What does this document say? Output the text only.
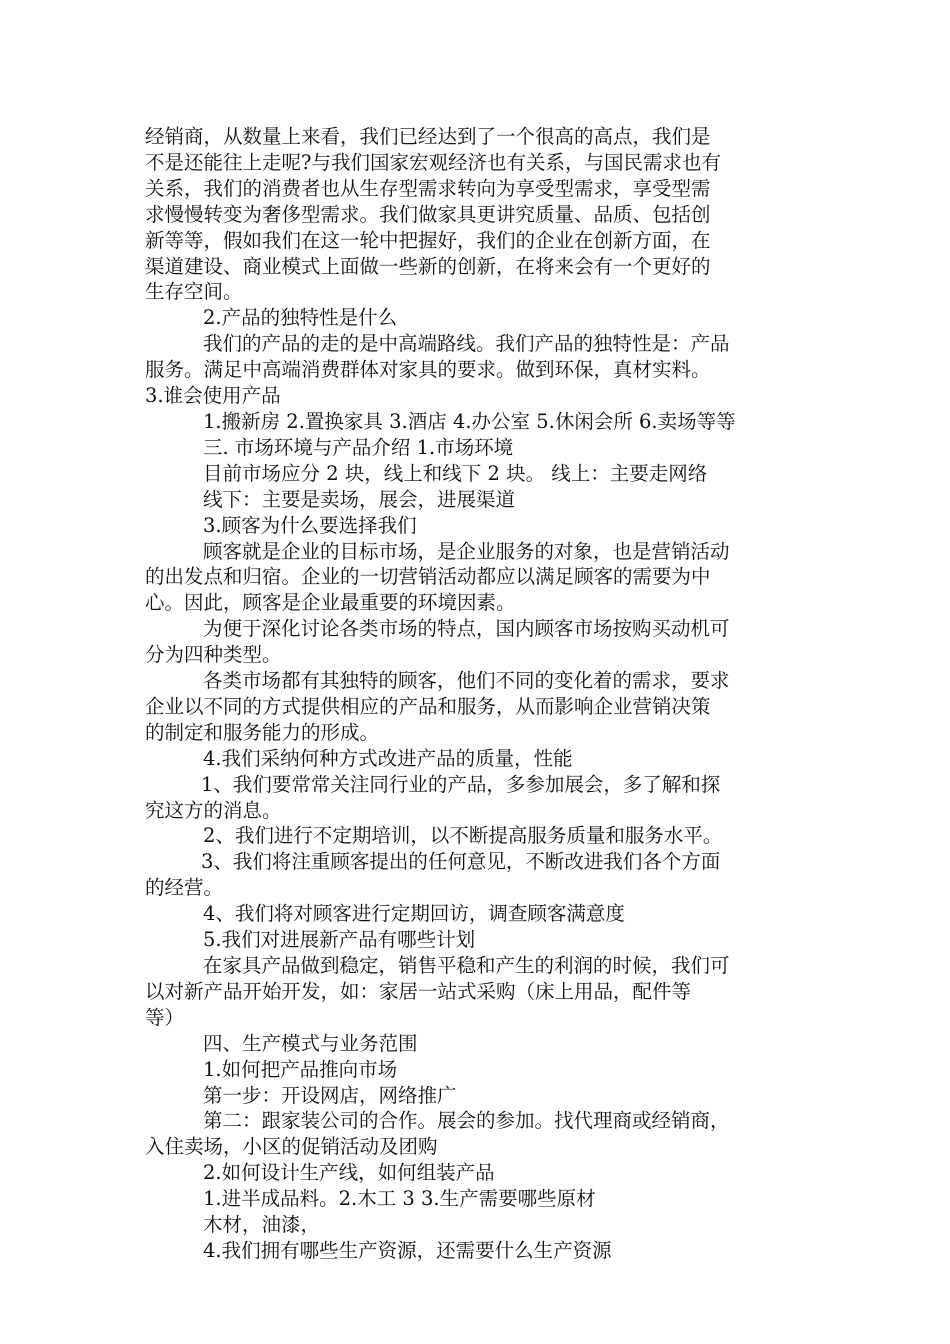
经销商，从数量上来看，我们已经达到了一个很高的高点，我们是

不是还能往上走呢?与我们国家宏观经济也有关系，与国民需求也有

关系，我们的消费者也从生存型需求转向为享受型需求，享受型需

求慢慢转变为奢侈型需求。我们做家具更讲究质量、品质、包括创

新等等，假如我们在这一轮中把握好，我们的企业在创新方面，在

渠道建设、商业模式上面做一些新的创新，在将来会有一个更好的

生存空间。

2.产品的独特性是什么

我们的产品的走的是中高端路线。我们产品的独特性是：产品

服务。满足中高端消费群体对家具的要求。做到环保，真材实料。

3.谁会使用产品

1.搬新房 2.置换家具 3.酒店 4.办公室 5.休闲会所 6.卖场等等

三. 市场环境与产品介绍 1.市场环境

目前市场应分 2 块，线上和线下 2 块。 线上：主要走网络

线下：主要是卖场，展会，进展渠道

3.顾客为什么要选择我们

顾客就是企业的目标市场，是企业服务的对象，也是营销活动

的出发点和归宿。企业的一切营销活动都应以满足顾客的需要为中

心。因此，顾客是企业最重要的环境因素。

为便于深化讨论各类市场的特点，国内顾客市场按购买动机可

分为四种类型。

各类市场都有其独特的顾客，他们不同的变化着的需求，要求

企业以不同的方式提供相应的产品和服务，从而影响企业营销决策

的制定和服务能力的形成。

4.我们采纳何种方式改进产品的质量，性能

1、我们要常常关注同行业的产品，多参加展会，多了解和探

究这方的消息。

2、我们进行不定期培训，以不断提高服务质量和服务水平。

3、我们将注重顾客提出的任何意见，不断改进我们各个方面

的经营。

4、我们将对顾客进行定期回访，调查顾客满意度

5.我们对进展新产品有哪些计划

在家具产品做到稳定，销售平稳和产生的利润的时候，我们可

以对新产品开始开发，如：家居一站式采购（床上用品，配件等

等）

四、生产模式与业务范围

1.如何把产品推向市场

第一步：开设网店，网络推广

第二：跟家装公司的合作。展会的参加。找代理商或经销商，

入住卖场，小区的促销活动及团购

2.如何设计生产线，如何组装产品

1.进半成品料。2.木工 3 3.生产需要哪些原材

木材，油漆，

4.我们拥有哪些生产资源，还需要什么生产资源
